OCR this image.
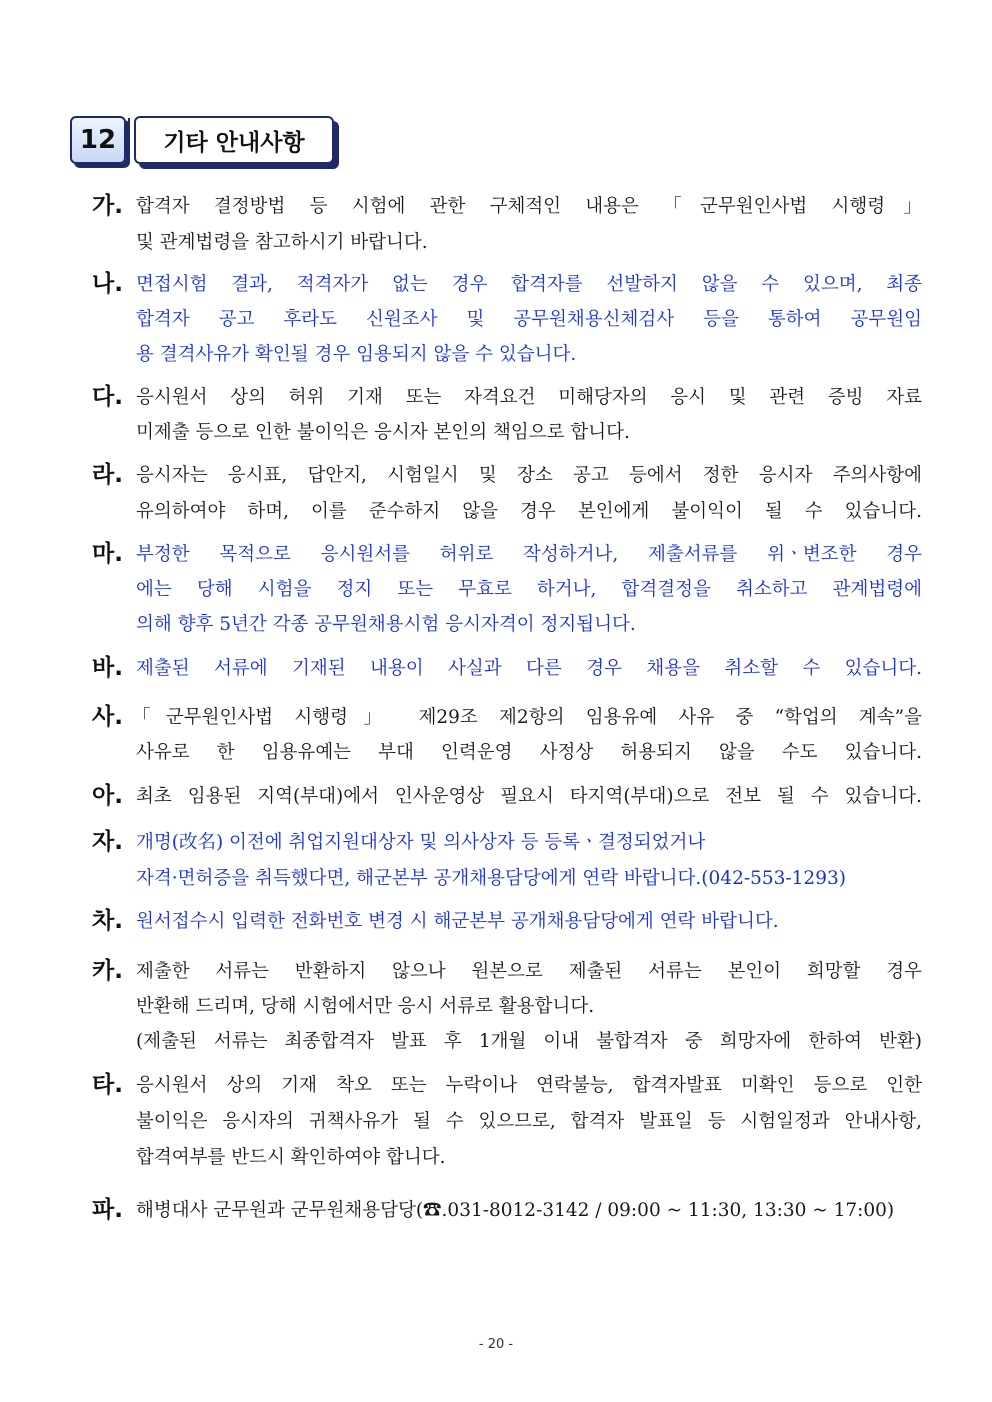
12	기타 안내사항
가. 합격자 결정방법 등 시험에 관한 구체적인 내용은 「군무원인사법 시행령」
및 관계법령을 참고하시기 바랍니다.
나. 면접시험 결과, 적격자가 없는 경우 합격자를 선발하지 않을 수 있으며, 최종
합격자 공고 후라도 신원조사 및 공무원채용신체검사 등을 통하여 공무원임
용 결격사유가 확인될 경우 임용되지 않을 수 있습니다.
다. 응시원서 상의 허위 기재 또는 자격요건 미해당자의 응시 및 관련 증빙 자료
미제출 등으로 인한 불이익은 응시자 본인의 책임으로 합니다.
라. 응시자는 응시표, 답안지, 시험일시 및 장소 공고 등에서 정한 응시자 주의사항에
유의하여야 하며, 이를 준수하지 않을 경우 본인에게 불이익이 될 수 있습니다.
마. 부정한 목적으로 응시원서를 허위로 작성하거나, 제출서류를 위ㆍ변조한 경우
에는 당해 시험을 정지 또는 무효로 하거나, 합격결정을 취소하고 관계법령에
의해 향후 5년간 각종 공무원채용시험 응시자격이 정지됩니다.
바. 제출된 서류에 기재된 내용이 사실과 다른 경우 채용을 취소할 수 있습니다.
사. 「군무원인사법 시행령」 제29조 제2항의 임용유예 사유 중 “학업의 계속”을
사유로 한 임용유예는 부대 인력운영 사정상 허용되지 않을 수도 있습니다.
아. 최초 임용된 지역(부대)에서 인사운영상 필요시 타지역(부대)으로 전보 될 수 있습니다.
자. 개명(改名) 이전에 취업지원대상자 및 의사상자 등 등록ㆍ결정되었거나
자격·면허증을 취득했다면, 해군본부 공개채용담당에게 연락 바랍니다.(042-553-1293)
차. 원서접수시 입력한 전화번호 변경 시 해군본부 공개채용담당에게 연락 바랍니다.
카. 제출한 서류는 반환하지 않으나 원본으로 제출된 서류는 본인이 희망할 경우
반환해 드리며, 당해 시험에서만 응시 서류로 활용합니다.
(제출된 서류는 최종합격자 발표 후 1개월 이내 불합격자 중 희망자에 한하여 반환)
타. 응시원서 상의 기재 착오 또는 누락이나 연락불능, 합격자발표 미확인 등으로 인한
불이익은 응시자의 귀책사유가 될 수 있으므로, 합격자 발표일 등 시험일정과 안내사항,
합격여부를 반드시 확인하여야 합니다.
파. 해병대사 군무원과 군무원채용담당(☎.031-8012-3142 / 09:00 ~ 11:30, 13:30 ~ 17:00)
- 20 -
